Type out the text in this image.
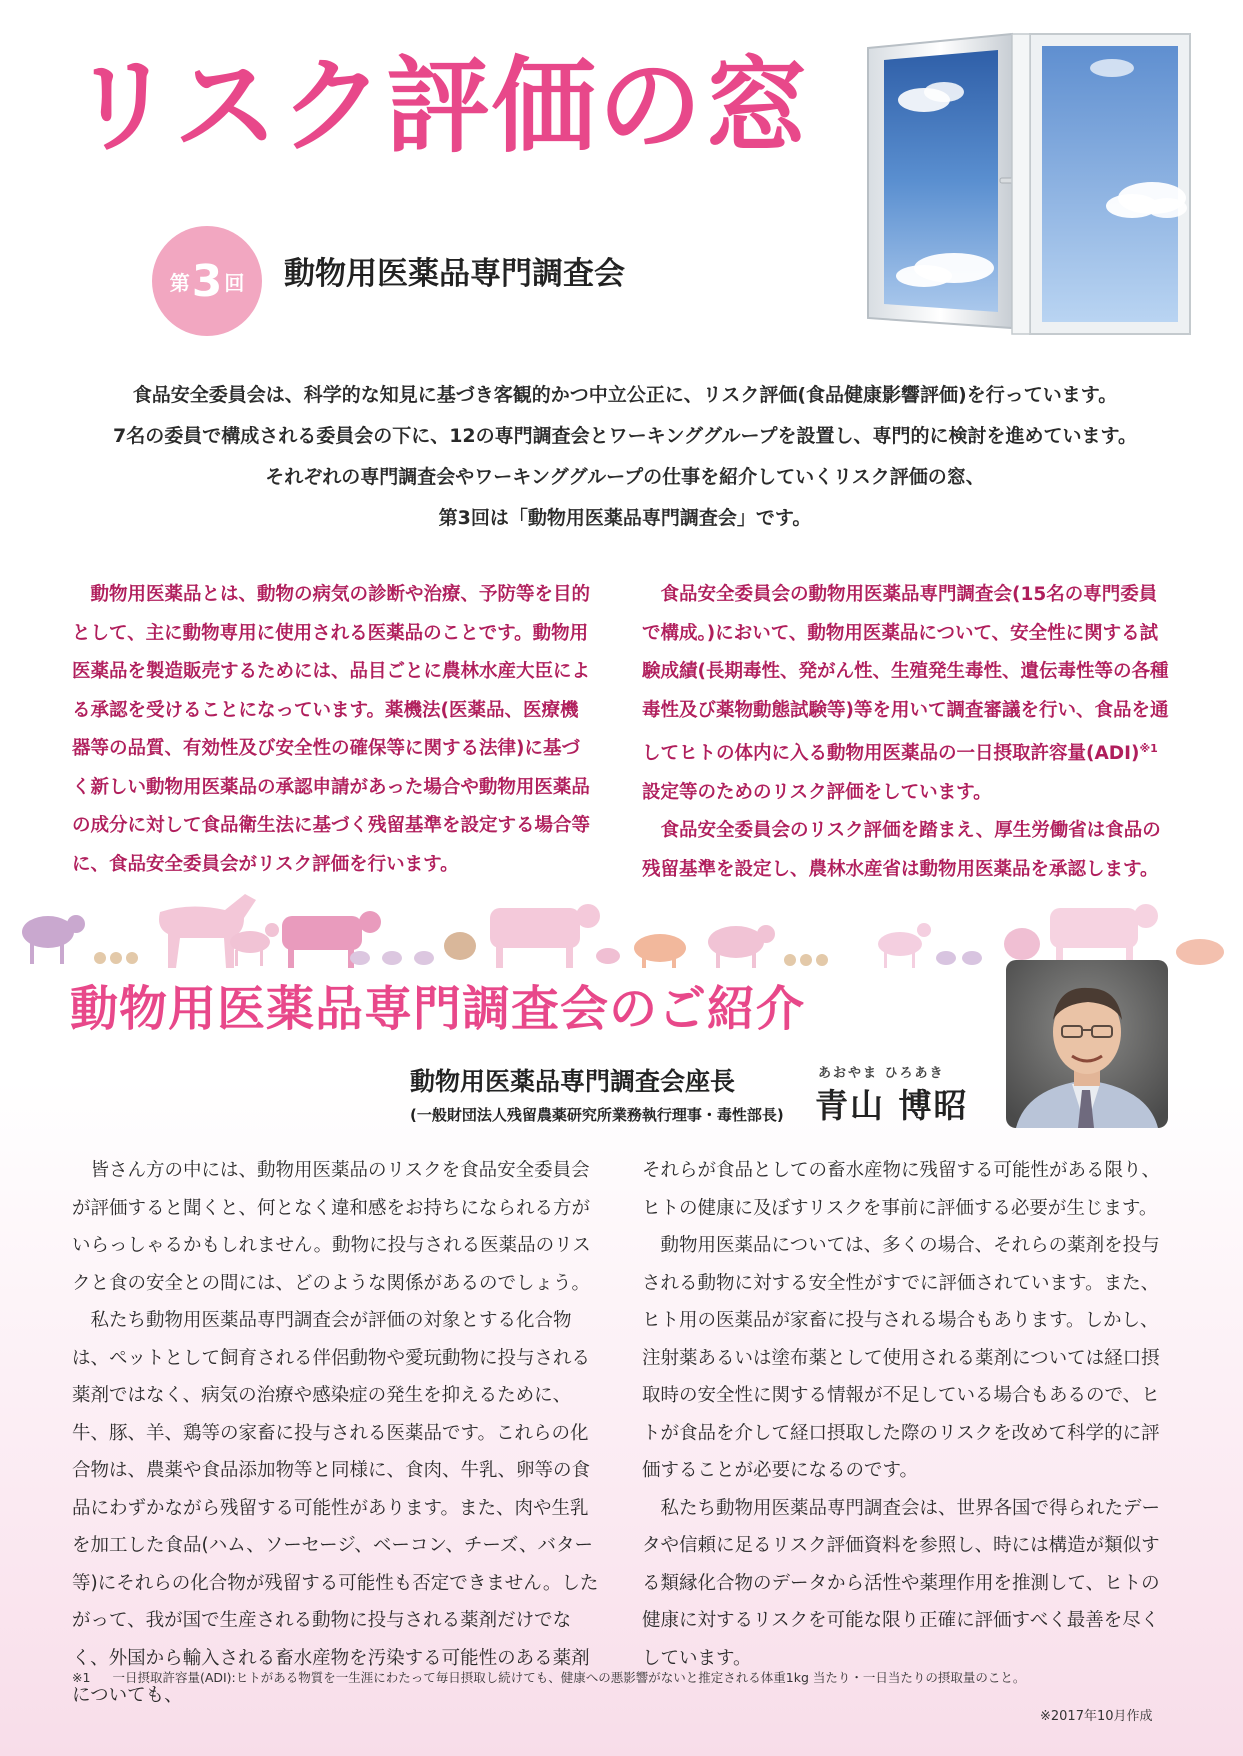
リスク評価の窓
第 3 回 動物用医薬品専門調査会

食品安全委員会は、科学的な知見に基づき客観的かつ中立公正に、リスク評価(食品健康影響評価)を行っています。

7名の委員で構成される委員会の下に、12の専門調査会とワーキンググループを設置し、専門的に検討を進めています。

それぞれの専門調査会やワーキンググループの仕事を紹介していくリスク評価の窓、

第3回は「動物用医薬品専門調査会」です。

動物用医薬品とは、動物の病気の診断や治療、予防等を目的として、主に動物専用に使用される医薬品のことです。動物用医薬品を製造販売するためには、品目ごとに農林水産大臣による承認を受けることになっています。薬機法(医薬品、医療機器等の品質、有効性及び安全性の確保等に関する法律)に基づく新しい動物用医薬品の承認申請があった場合や動物用医薬品の成分に対して食品衛生法に基づく残留基準を設定する場合等に、食品安全委員会がリスク評価を行います。

食品安全委員会の動物用医薬品専門調査会(15名の専門委員で構成。)において、動物用医薬品について、安全性に関する試験成績(長期毒性、発がん性、生殖発生毒性、遺伝毒性等の各種毒性及び薬物動態試験等)等を用いて調査審議を行い、食品を通してヒトの体内に入る動物用医薬品の一日摂取許容量(ADI)$^{※1}$設定等のためのリスク評価をしています。

食品安全委員会のリスク評価を踏まえ、厚生労働省は食品の残留基準を設定し、農林水産省は動物用医薬品を承認します。

動物用医薬品専門調査会のご紹介
動物用医薬品専門調査会座長
(一般財団法人残留農薬研究所業務執行理事・毒性部長)
あおやま ひろあき
青山 博昭

皆さん方の中には、動物用医薬品のリスクを食品安全委員会が評価すると聞くと、何となく違和感をお持ちになられる方がいらっしゃるかもしれません。動物に投与される医薬品のリスクと食の安全との間には、どのような関係があるのでしょう。

私たち動物用医薬品専門調査会が評価の対象とする化合物は、ペットとして飼育される伴侶動物や愛玩動物に投与される薬剤ではなく、病気の治療や感染症の発生を抑えるために、牛、豚、羊、鶏等の家畜に投与される医薬品です。これらの化合物は、農薬や食品添加物等と同様に、食肉、牛乳、卵等の食品にわずかながら残留する可能性があります。また、肉や生乳を加工した食品(ハム、ソーセージ、ベーコン、チーズ、バター等)にそれらの化合物が残留する可能性も否定できません。したがって、我が国で生産される動物に投与される薬剤だけでなく、外国から輸入される畜水産物を汚染する可能性のある薬剤についても、

それらが食品としての畜水産物に残留する可能性がある限り、ヒトの健康に及ぼすリスクを事前に評価する必要が生じます。

動物用医薬品については、多くの場合、それらの薬剤を投与される動物に対する安全性がすでに評価されています。また、ヒト用の医薬品が家畜に投与される場合もあります。しかし、注射薬あるいは塗布薬として使用される薬剤については経口摂取時の安全性に関する情報が不足している場合もあるので、ヒトが食品を介して経口摂取した際のリスクを改めて科学的に評価することが必要になるのです。

私たち動物用医薬品専門調査会は、世界各国で得られたデータや信頼に足るリスク評価資料を参照し、時には構造が類似する類縁化合物のデータから活性や薬理作用を推測して、ヒトの健康に対するリスクを可能な限り正確に評価すべく最善を尽くしています。

※1 一日摂取許容量(ADI):ヒトがある物質を一生涯にわたって毎日摂取し続けても、健康への悪影響がないと推定される体重1kg 当たり・一日当たりの摂取量のこと。
※2017年10月作成
